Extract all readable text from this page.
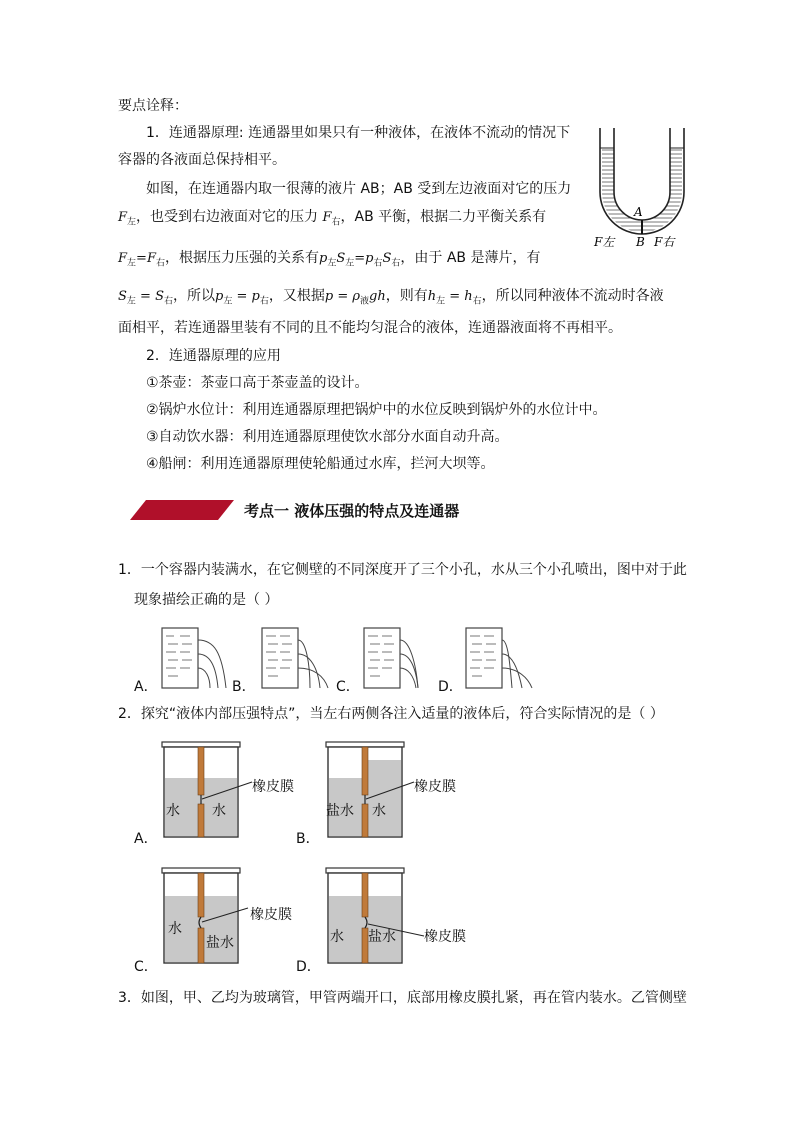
要点诠释：
1．连通器原理: 连通器里如果只有一种液体，在液体不流动的情况下
容器的各液面总保持相平。
如图，在连通器内取一很薄的液片 AB；AB 受到左边液面对它的压力
$F_左$，也受到右边液面对它的压力 $F_右$，AB 平衡，根据二力平衡关系有
$F_左=F_右$，根据压力压强的关系有$p_左S_左=p_右S_右$，由于 AB 是薄片，有
$S_左 = S_右$，所以$p_左 = p_右$，又根据$p = \rho_液gh$，则有$h_左 = h_右$，所以同种液体不流动时各液
面相平，若连通器里装有不同的且不能均匀混合的液体，连通器液面将不再相平。
2．连通器原理的应用
①茶壶：茶壶口高于茶壶盖的设计。
②锅炉水位计：利用连通器原理把锅炉中的水位反映到锅炉外的水位计中。
③自动饮水器：利用连通器原理使饮水部分水面自动升高。
④船闸：利用连通器原理使轮船通过水库，拦河大坝等。
A
B
F左	F右
考点一 液体压强的特点及连通器
1．一个容器内装满水，在它侧壁的不同深度开了三个小孔，水从三个小孔喷出，图中对于此
现象描绘正确的是（ ）
A．	B．	C．	D．
2．探究“液体内部压强特点”，当左右两侧各注入适量的液体后，符合实际情况的是（ ）
水 水
橡皮膜
A．
盐水 水
橡皮膜
B．
水
盐水
橡皮膜
C．
水 盐水 橡皮膜
D．
3．如图，甲、乙均为玻璃管，甲管两端开口，底部用橡皮膜扎紧，再在管内装水。乙管侧壁
